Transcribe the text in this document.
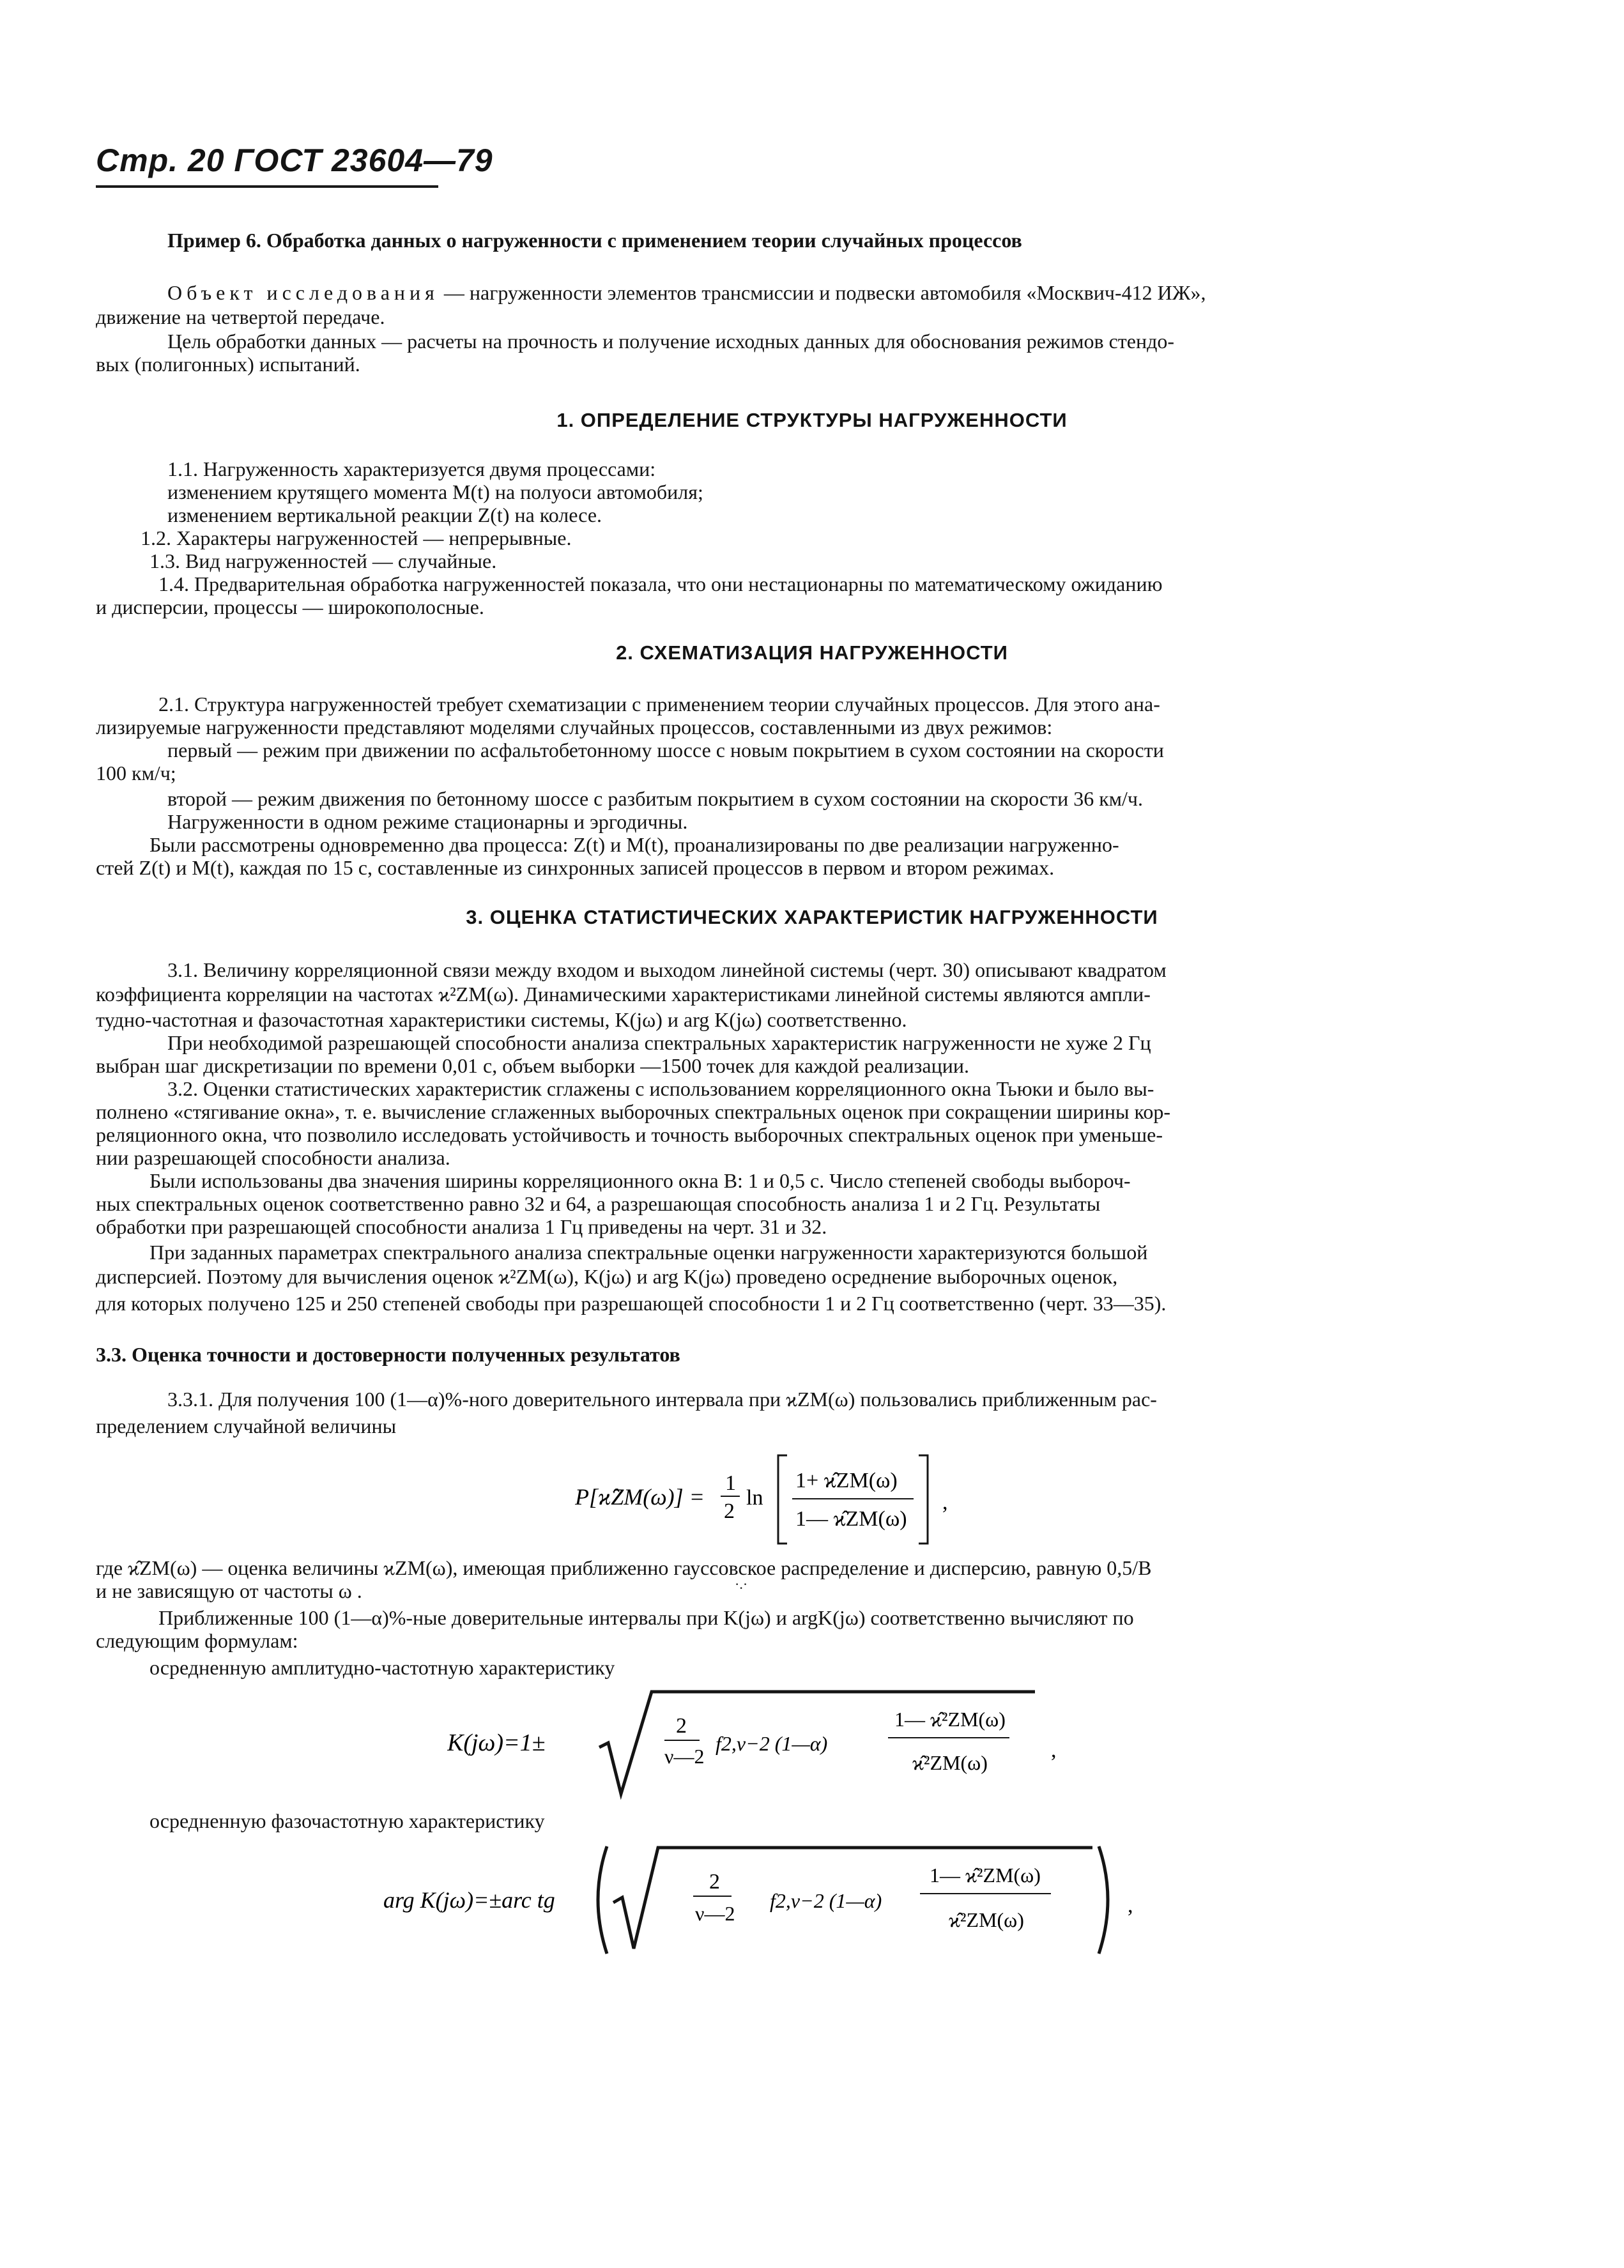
Стр. 20 ГОСТ 23604—79
Пример 6. Обработка данных о нагруженности с применением теории случайных процессов
Объект исследования — нагруженности элементов трансмиссии и подвески автомобиля «Москвич-412 ИЖ»,
движение на четвертой передаче.
Цель обработки данных — расчеты на прочность и получение исходных данных для обоснования режимов стендо-
вых (полигонных) испытаний.
1. ОПРЕДЕЛЕНИЕ СТРУКТУРЫ НАГРУЖЕННОСТИ
1.1. Нагруженность характеризуется двумя процессами:
изменением крутящего момента M(t) на полуоси автомобиля;
изменением вертикальной реакции Z(t) на колесе.
1.2. Характеры нагруженностей — непрерывные.
1.3. Вид нагруженностей — случайные.
1.4. Предварительная обработка нагруженностей показала, что они нестационарны по математическому ожиданию
и дисперсии, процессы — широкополосные.
2. СХЕМАТИЗАЦИЯ НАГРУЖЕННОСТИ
2.1. Структура нагруженностей требует схематизации с применением теории случайных процессов. Для этого ана-
лизируемые нагруженности представляют моделями случайных процессов, составленными из двух режимов:
первый — режим при движении по асфальтобетонному шоссе с новым покрытием в сухом состоянии на скорости
100 км/ч;
второй — режим движения по бетонному шоссе с разбитым покрытием в сухом состоянии на скорости 36 км/ч.
Нагруженности в одном режиме стационарны и эргодичны.
Были рассмотрены одновременно два процесса: Z(t) и M(t), проанализированы по две реализации нагруженно-
стей Z(t) и M(t), каждая по 15 с, составленные из синхронных записей процессов в первом и втором режимах.
3. ОЦЕНКА СТАТИСТИЧЕСКИХ ХАРАКТЕРИСТИК НАГРУЖЕННОСТИ
3.1. Величину корреляционной связи между входом и выходом линейной системы (черт. 30) описывают квадратом
коэффициента корреляции на частотах ϰ²ZM(ω). Динамическими характеристиками линейной системы являются ампли-
тудно-частотная и фазочастотная характеристики системы, K(jω) и arg K(jω) соответственно.
При необходимой разрешающей способности анализа спектральных характеристик нагруженности не хуже 2 Гц
выбран шаг дискретизации по времени 0,01 с, объем выборки —1500 точек для каждой реализации.
3.2. Оценки статистических характеристик сглажены с использованием корреляционного окна Тьюки и было вы-
полнено «стягивание окна», т. е. вычисление сглаженных выборочных спектральных оценок при сокращении ширины кор-
реляционного окна, что позволило исследовать устойчивость и точность выборочных спектральных оценок при уменьше-
нии разрешающей способности анализа.
Были использованы два значения ширины корреляционного окна B: 1 и 0,5 с. Число степеней свободы выбороч-
ных спектральных оценок соответственно равно 32 и 64, а разрешающая способность анализа 1 и 2 Гц. Результаты
обработки при разрешающей способности анализа 1 Гц приведены на черт. 31 и 32.
При заданных параметрах спектрального анализа спектральные оценки нагруженности характеризуются большой
дисперсией. Поэтому для вычисления оценок ϰ²ZM(ω), K(jω) и arg K(jω) проведено осреднение выборочных оценок,
для которых получено 125 и 250 степеней свободы при разрешающей способности 1 и 2 Гц соответственно (черт. 33—35).
3.3. Оценка точности и достоверности полученных результатов
3.3.1. Для получения 100 (1—α)%-ного доверительного интервала при ϰZM(ω) пользовались приближенным рас-
пределением случайной величины
P[ϰ̂ZM(ω)] =
1
2
ln
1+ ϰ̂ZM(ω)
1— ϰ̂ZM(ω)
,
где ϰ̂ZM(ω) — оценка величины ϰZM(ω), имеющая приближенно гауссовское распределение и дисперсию, равную 0,5/B
и не зависящую от частоты ω .	·.·
Приближенные 100 (1—α)%-ные доверительные интервалы при K(jω) и argK(jω) соответственно вычисляют по
следующим формулам:
осредненную амплитудно-частотную характеристику
K(jω)=1±
2
ν—2
f2,ν−2 (1—α)
1— ϰ̂²ZM(ω)
ϰ̂²ZM(ω)
,
осредненную фазочастотную характеристику
arg K(jω)=±arc tg
2
ν—2
f2,ν−2 (1—α)
1— ϰ̂²ZM(ω)
ϰ̂²ZM(ω)
,
